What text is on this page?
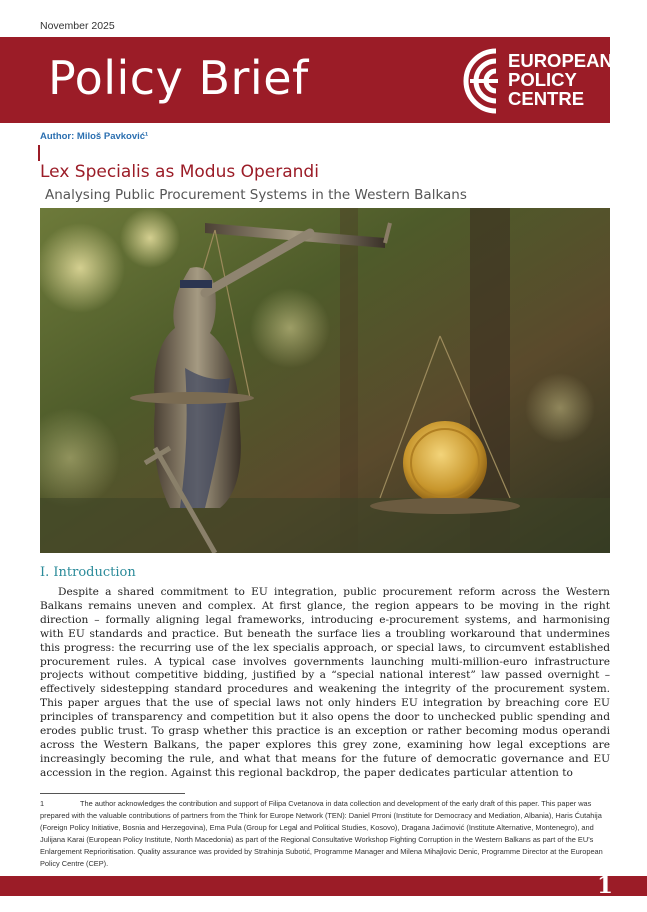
November 2025
Policy Brief	EUROPEAN
POLICY
CENTRE
Author: Miloš Pavković¹
Lex Specialis as Modus Operandi
Analysing Public Procurement Systems in the Western Balkans
I. Introduction

Despite a shared commitment to EU integration, public procurement reform across the Western Balkans remains uneven and complex. At first glance, the region appears to be moving in the right direction – formally aligning legal frameworks, introducing e-procurement systems, and harmonising with EU standards and practice. But beneath the surface lies a troubling workaround that undermines this progress: the recurring use of the lex specialis approach, or special laws, to circumvent established procurement rules. A typical case involves governments launching multi-million-euro infrastructure projects without competitive bidding, justified by a “special national interest” law passed overnight – effectively sidestepping standard procedures and weakening the integrity of the procurement system. This paper argues that the use of special laws not only hinders EU integration by breaching core EU principles of transparency and competition but it also opens the door to unchecked public spending and erodes public trust. To grasp whether this practice is an exception or rather becoming modus operandi across the Western Balkans, the paper explores this grey zone, examining how legal exceptions are increasingly becoming the rule, and what that means for the future of democratic governance and EU accession in the region. Against this regional backdrop, the paper dedicates particular attention to

1	The author acknowledges the contribution and support of Filipa Cvetanova in data collection and development of the early draft of this paper. This paper was prepared with the valuable contributions of partners from the Think for Europe Network (TEN): Daniel Prroni (Institute for Democracy and Mediation, Albania), Haris Ćutahija (Foreign Policy Initiative, Bosnia and Herzegovina), Ema Pula (Group for Legal and Political Studies, Kosovo), Dragana Jaćimović (Institute Alternative, Montenegro), and Julijana Karai (European Policy Institute, North Macedonia) as part of the Regional Consultative Workshop Fighting Corruption in the Western Balkans as part of the EU’s Enlargement Reprioritisation. Quality assurance was provided by Strahinja Subotić, Programme Manager and Milena Mihajlovic Denic, Programme Director at the European Policy Centre (CEP).
1
